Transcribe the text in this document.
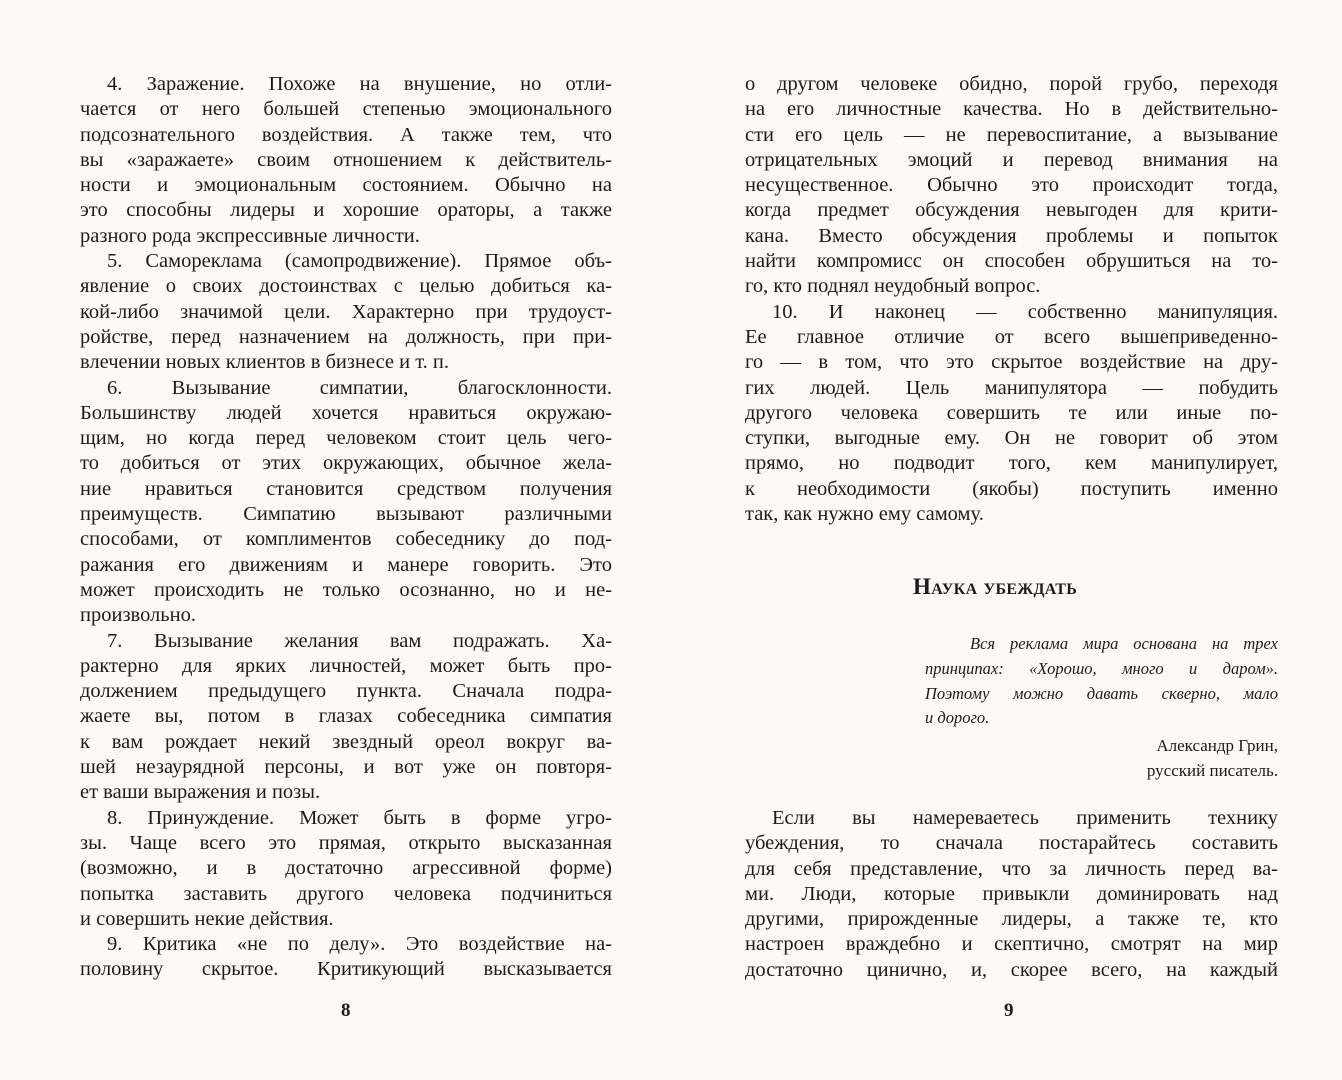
4. Заражение. Похоже на внушение, но отли-
чается от него большей степенью эмоционального
подсознательного воздействия. А также тем, что
вы «заражаете» своим отношением к действитель-
ности и эмоциональным состоянием. Обычно на
это способны лидеры и хорошие ораторы, а также
разного рода экспрессивные личности.
5. Самореклама (самопродвижение). Прямое объ-
явление о своих достоинствах с целью добиться ка-
кой-либо значимой цели. Характерно при трудоуст-
ройстве, перед назначением на должность, при при-
влечении новых клиентов в бизнесе и т. п.
6. Вызывание симпатии, благосклонности.
Большинству людей хочется нравиться окружаю-
щим, но когда перед человеком стоит цель чего-
то добиться от этих окружающих, обычное жела-
ние нравиться становится средством получения
преимуществ. Симпатию вызывают различными
способами, от комплиментов собеседнику до под-
ражания его движениям и манере говорить. Это
может происходить не только осознанно, но и не-
произвольно.
7. Вызывание желания вам подражать. Ха-
рактерно для ярких личностей, может быть про-
должением предыдущего пункта. Сначала подра-
жаете вы, потом в глазах собеседника симпатия
к вам рождает некий звездный ореол вокруг ва-
шей незаурядной персоны, и вот уже он повторя-
ет ваши выражения и позы.
8. Принуждение. Может быть в форме угро-
зы. Чаще всего это прямая, открыто высказанная
(возможно, и в достаточно агрессивной форме)
попытка заставить другого человека подчиниться
и совершить некие действия.
9. Критика «не по делу». Это воздействие на-
половину скрытое. Критикующий высказывается
о другом человеке обидно, порой грубо, переходя
на его личностные качества. Но в действительно-
сти его цель — не перевоспитание, а вызывание
отрицательных эмоций и перевод внимания на
несущественное. Обычно это происходит тогда,
когда предмет обсуждения невыгоден для крити-
кана. Вместо обсуждения проблемы и попыток
найти компромисс он способен обрушиться на то-
го, кто поднял неудобный вопрос.
10. И наконец — собственно манипуляция.
Ее главное отличие от всего вышеприведенно-
го — в том, что это скрытое воздействие на дру-
гих людей. Цель манипулятора — побудить
другого человека совершить те или иные по-
ступки, выгодные ему. Он не говорит об этом
прямо, но подводит того, кем манипулирует,
к необходимости (якобы) поступить именно
так, как нужно ему самому.
Наука убеждать
Вся реклама мира основана на трех
принципах: «Хорошо, много и даром».
Поэтому можно давать скверно, мало
и дорого.
Александр Грин,
русский писатель.
Если вы намереваетесь применить технику
убеждения, то сначала постарайтесь составить
для себя представление, что за личность перед ва-
ми. Люди, которые привыкли доминировать над
другими, прирожденные лидеры, а также те, кто
настроен враждебно и скептично, смотрят на мир
достаточно цинично, и, скорее всего, на каждый
8	9
